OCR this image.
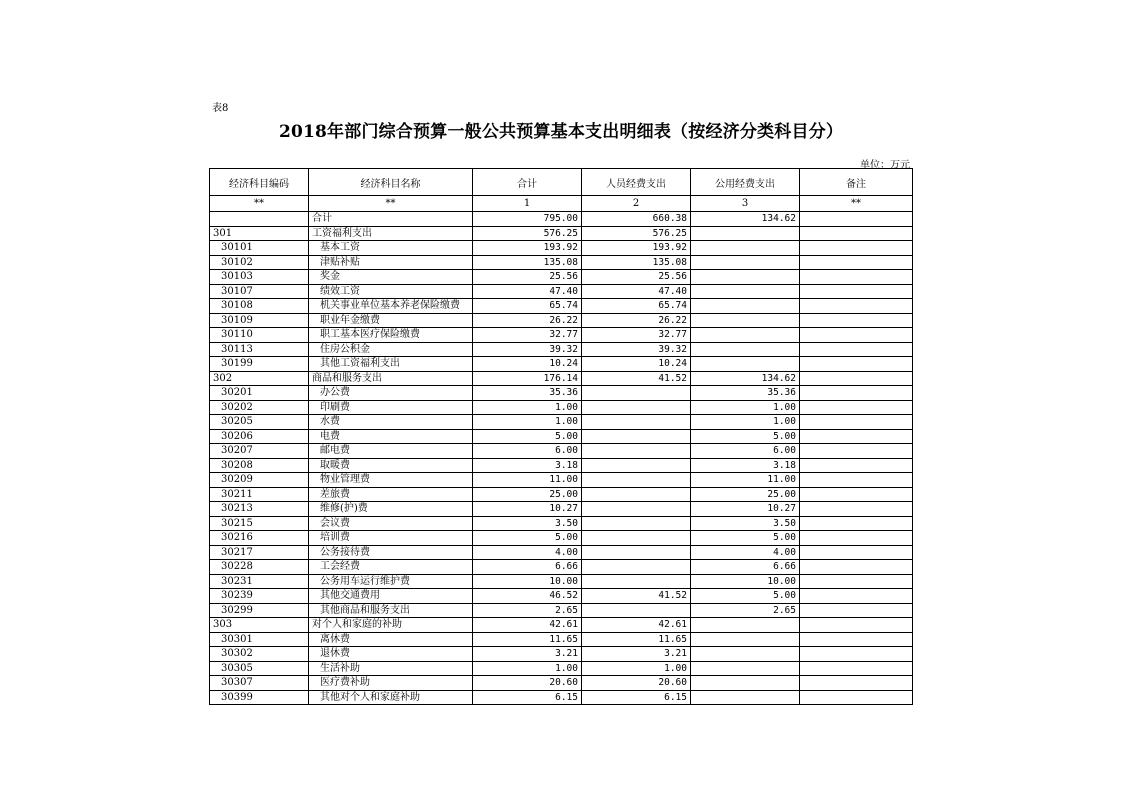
表8
2018年部门综合预算一般公共预算基本支出明细表（按经济分类科目分）
单位：万元
经济科目编码	经济科目名称	合计	人员经费支出	公用经费支出	备注
**	**	1	2	3	**
	合计	795.00	660.38	134.62	
301	工资福利支出	576.25	576.25		
30101	基本工资	193.92	193.92		
30102	津贴补贴	135.08	135.08		
30103	奖金	25.56	25.56		
30107	绩效工资	47.40	47.40		
30108	机关事业单位基本养老保险缴费	65.74	65.74		
30109	职业年金缴费	26.22	26.22		
30110	职工基本医疗保险缴费	32.77	32.77		
30113	住房公积金	39.32	39.32		
30199	其他工资福利支出	10.24	10.24		
302	商品和服务支出	176.14	41.52	134.62	
30201	办公费	35.36		35.36	
30202	印刷费	1.00		1.00	
30205	水费	1.00		1.00	
30206	电费	5.00		5.00	
30207	邮电费	6.00		6.00	
30208	取暖费	3.18		3.18	
30209	物业管理费	11.00		11.00	
30211	差旅费	25.00		25.00	
30213	维修(护)费	10.27		10.27	
30215	会议费	3.50		3.50	
30216	培训费	5.00		5.00	
30217	公务接待费	4.00		4.00	
30228	工会经费	6.66		6.66	
30231	公务用车运行维护费	10.00		10.00	
30239	其他交通费用	46.52	41.52	5.00	
30299	其他商品和服务支出	2.65		2.65	
303	对个人和家庭的补助	42.61	42.61		
30301	离休费	11.65	11.65		
30302	退休费	3.21	3.21		
30305	生活补助	1.00	1.00		
30307	医疗费补助	20.60	20.60		
30399	其他对个人和家庭补助	6.15	6.15		
